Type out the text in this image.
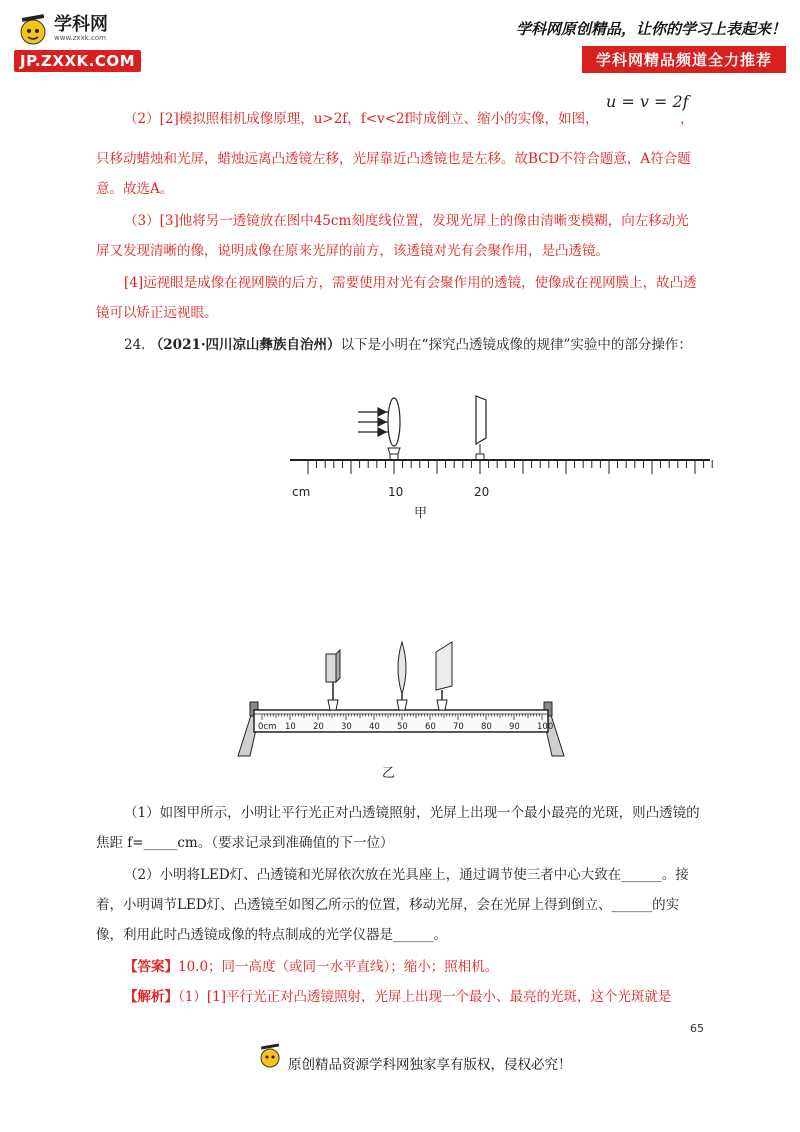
学科网
www.zxxk.com
JP.ZXXK.COM
学科网原创精品，让你的学习上表起来！
学科网精品频道全力推荐
（2）[2]模拟照相机成像原理，u>2f，f<v<2f时成倒立、缩小的实像，如图，
u = v = 2f
，
只移动蜡烛和光屏，蜡烛远离凸透镜左移，光屏靠近凸透镜也是左移。故BCD不符合题意，A符合题意。故选A。
（3）[3]他将另一透镜放在图中45cm刻度线位置，发现光屏上的像由清晰变模糊，向左移动光屏又发现清晰的像，说明成像在原来光屏的前方，该透镜对光有会聚作用，是凸透镜。
[4]远视眼是成像在视网膜的后方，需要使用对光有会聚作用的透镜，使像成在视网膜上，故凸透镜可以矫正远视眼。
24. （2021·四川凉山彝族自治州）以下是小明在“探究凸透镜成像的规律”实验中的部分操作：
cm	10	20
甲
0cm 10 20 30 40 50 60 70 80 90 100
乙
（1）如图甲所示，小明让平行光正对凸透镜照射，光屏上出现一个最小最亮的光斑，则凸透镜的焦距 f=_____cm。（要求记录到准确值的下一位）
（2）小明将LED灯、凸透镜和光屏依次放在光具座上，通过调节使三者中心大致在______。接着，小明调节LED灯、凸透镜至如图乙所示的位置，移动光屏，会在光屏上得到倒立、______的实像，利用此时凸透镜成像的特点制成的光学仪器是______。
【答案】10.0；同一高度（或同一水平直线）；缩小；照相机。
【解析】（1）[1]平行光正对凸透镜照射，光屏上出现一个最小、最亮的光斑，这个光斑就是
65
原创精品资源学科网独家享有版权，侵权必究！
